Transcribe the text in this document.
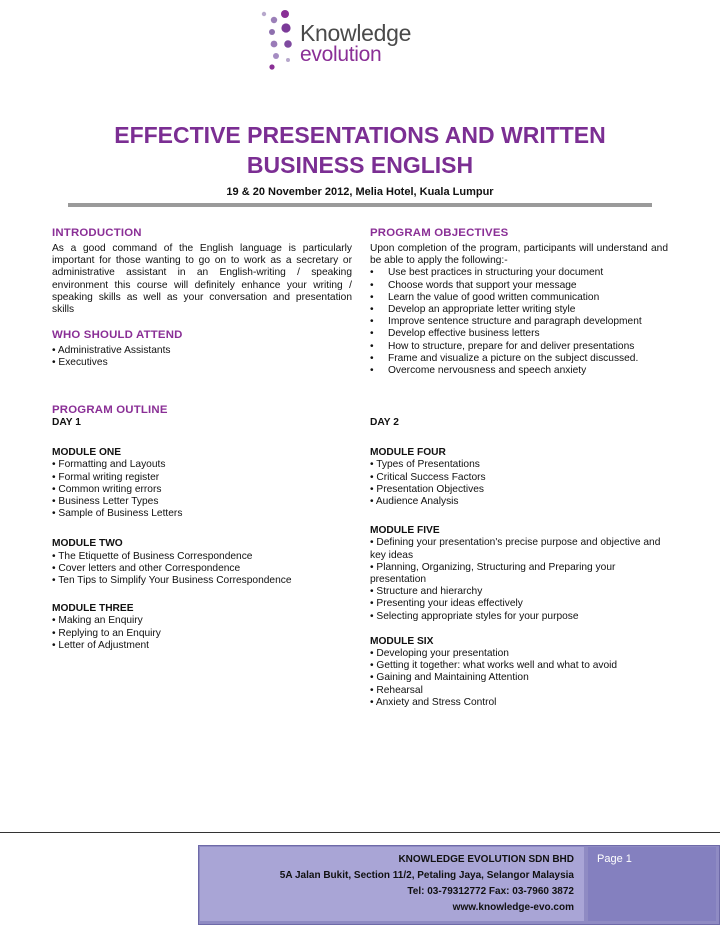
Knowledge
evolution
EFFECTIVE PRESENTATIONS AND WRITTEN
BUSINESS ENGLISH
19 & 20 November 2012, Melia Hotel, Kuala Lumpur

INTRODUCTION

As a good command of the English language is particularly important for those wanting to go on to work as a secretary or administrative assistant in an English-writing / speaking environment this course will definitely enhance your writing / speaking skills as well as your conversation and presentation skills

WHO SHOULD ATTEND

• Administrative Assistants

• Executives

PROGRAM OBJECTIVES

Upon completion of the program, participants will understand and be able to apply the following:-

• Use best practices in structuring your document
• Choose words that support your message
• Learn the value of good written communication
• Develop an appropriate letter writing style
• Improve sentence structure and paragraph development
• Develop effective business letters
• How to structure, prepare for and deliver presentations
• Frame and visualize a picture on the subject discussed.
• Overcome nervousness and speech anxiety

PROGRAM OUTLINE

DAY 1

MODULE ONE

• Formatting and Layouts

• Formal writing register

• Common writing errors

• Business Letter Types

• Sample of Business Letters

MODULE TWO

• The Etiquette of Business Correspondence

• Cover letters and other Correspondence

• Ten Tips to Simplify Your Business Correspondence

MODULE THREE

• Making an Enquiry

• Replying to an Enquiry

• Letter of Adjustment

DAY 2

MODULE FOUR

• Types of Presentations

• Critical Success Factors

• Presentation Objectives

• Audience Analysis

MODULE FIVE

• Defining your presentation's precise purpose and objective and key ideas

• Planning, Organizing, Structuring and Preparing your presentation

• Structure and hierarchy

• Presenting your ideas effectively

• Selecting appropriate styles for your purpose

MODULE SIX

• Developing your presentation

• Getting it together: what works well and what to avoid

• Gaining and Maintaining Attention

• Rehearsal

• Anxiety and Stress Control

KNOWLEDGE EVOLUTION SDN BHD
5A Jalan Bukit, Section 11/2, Petaling Jaya, Selangor Malaysia
Tel: 03-79312772 Fax: 03-7960 3872
www.knowledge-evo.com
Page 1
